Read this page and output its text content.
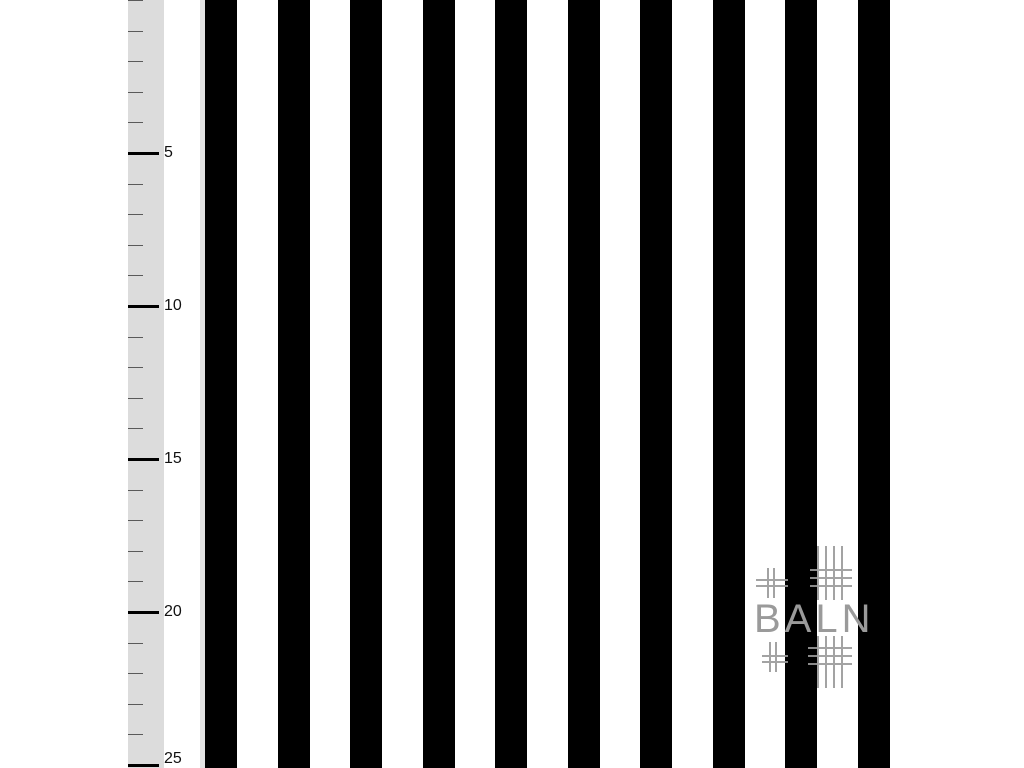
5
10
15
20
25
BALN
